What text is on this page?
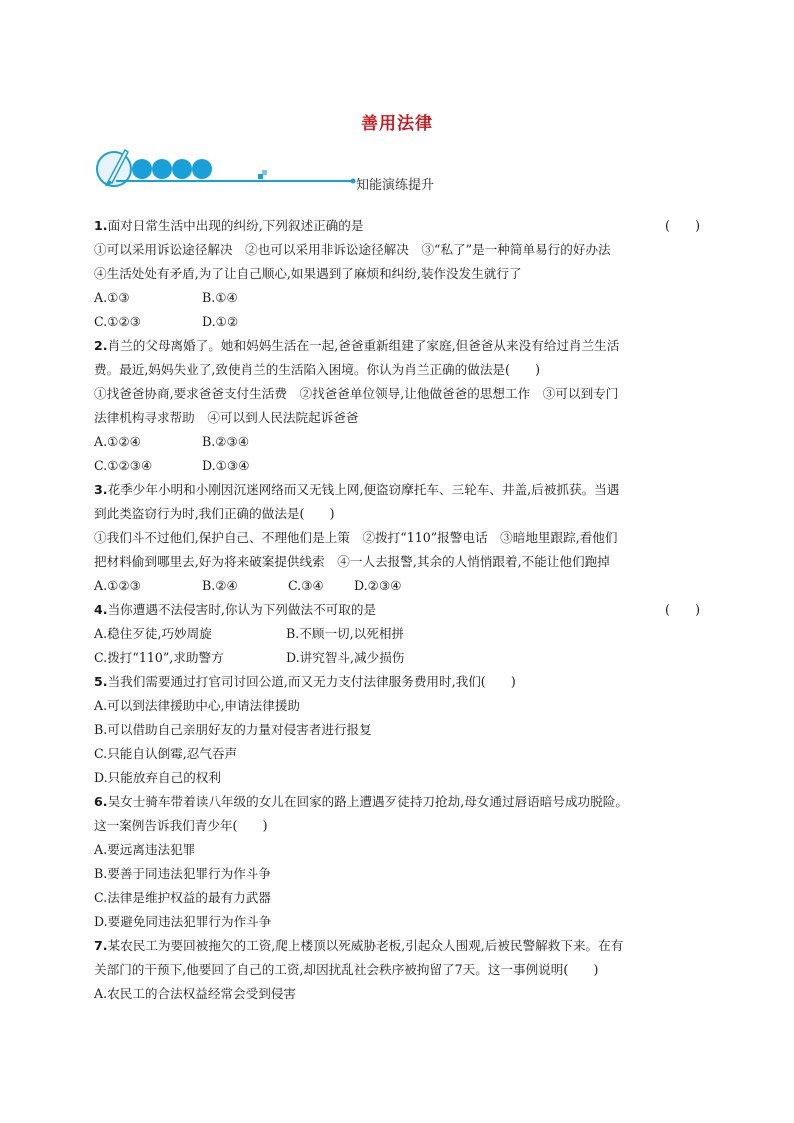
善用法律
知能演练提升
1.面对日常生活中出现的纠纷,下列叙述正确的是	(　　)
①可以采用诉讼途径解决　②也可以采用非诉讼途径解决　③“私了”是一种简单易行的好办法
④生活处处有矛盾,为了让自己顺心,如果遇到了麻烦和纠纷,装作没发生就行了
A.①③	B.①④
C.①②③	D.①②
2.肖兰的父母离婚了。她和妈妈生活在一起,爸爸重新组建了家庭,但爸爸从来没有给过肖兰生活
费。最近,妈妈失业了,致使肖兰的生活陷入困境。你认为肖兰正确的做法是(　　)
①找爸爸协商,要求爸爸支付生活费　②找爸爸单位领导,让他做爸爸的思想工作　③可以到专门
法律机构寻求帮助　④可以到人民法院起诉爸爸
A.①②④	B.②③④
C.①②③④	D.①③④
3.花季少年小明和小刚因沉迷网络而又无钱上网,便盗窃摩托车、三轮车、井盖,后被抓获。当遇
到此类盗窃行为时,我们正确的做法是(　　)
①我们斗不过他们,保护自己、不理他们是上策　②拨打“110”报警电话　③暗地里跟踪,看他们
把材料偷到哪里去,好为将来破案提供线索　④一人去报警,其余的人悄悄跟着,不能让他们跑掉
A.①②③	B.②④	C.③④ D.②③④
4.当你遭遇不法侵害时,你认为下列做法不可取的是	(　　)
A.稳住歹徒,巧妙周旋	B.不顾一切,以死相拼
C.拨打“110”,求助警方	D.讲究智斗,减少损伤
5.当我们需要通过打官司讨回公道,而又无力支付法律服务费用时,我们(　　)
A.可以到法律援助中心,申请法律援助
B.可以借助自己亲朋好友的力量对侵害者进行报复
C.只能自认倒霉,忍气吞声
D.只能放弃自己的权利
6.吴女士骑车带着读八年级的女儿在回家的路上遭遇歹徒持刀抢劫,母女通过唇语暗号成功脱险。
这一案例告诉我们青少年(　　)
A.要远离违法犯罪
B.要善于同违法犯罪行为作斗争
C.法律是维护权益的最有力武器
D.要避免同违法犯罪行为作斗争
7.某农民工为要回被拖欠的工资,爬上楼顶以死威胁老板,引起众人围观,后被民警解救下来。在有
关部门的干预下,他要回了自己的工资,却因扰乱社会秩序被拘留了7天。这一事例说明(　　)
A.农民工的合法权益经常会受到侵害
